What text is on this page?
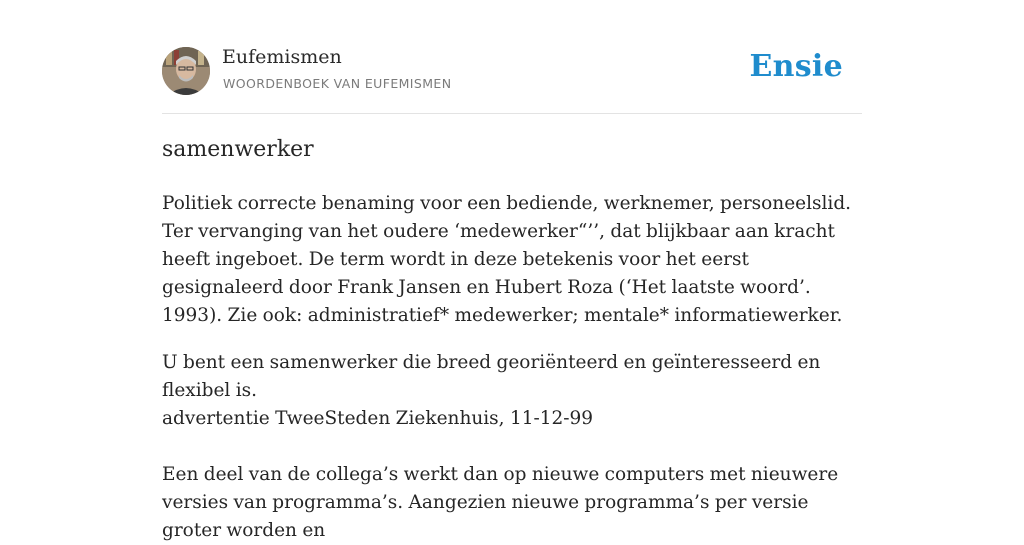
Eufemismen
WOORDENBOEK VAN EUFEMISMEN	Ensie
samenwerker

Politiek correcte benaming voor een bediende, werknemer, personeelslid. Ter vervanging van het oudere ‘medewerker“’’, dat blijkbaar aan kracht heeft ingeboet. De term wordt in deze betekenis voor het eerst gesignaleerd door Frank Jansen en Hubert Roza (‘Het laatste woord’. 1993). Zie ook: administratief* medewerker; mentale* informatiewerker.

U bent een samenwerker die breed georiënteerd en geïnteresseerd en flexibel is.

advertentie TweeSteden Ziekenhuis, 11-12-99

Een deel van de collega’s werkt dan op nieuwe computers met nieuwere versies van programma’s. Aangezien nieuwe programma’s per versie groter worden en
